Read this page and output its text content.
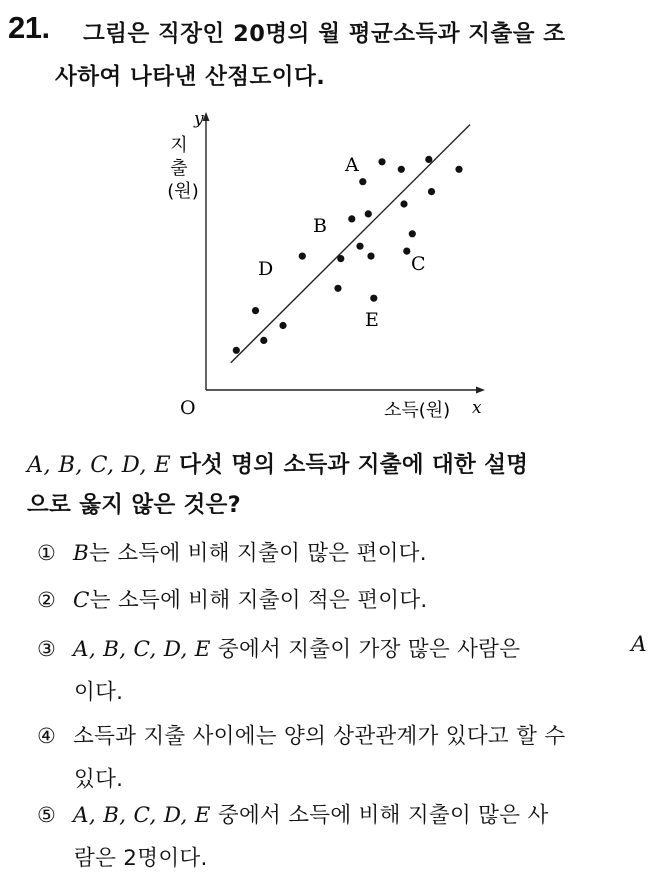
21. 그림은 직장인 20명의 월 평균소득과 지출을 조
사하여 나타낸 산점도이다.
y
지
출
(원)
O	소득(원) x
A
B
C
D
E
A, B, C, D, E 다섯 명의 소득과 지출에 대한 설명
으로 옳지 않은 것은?
① B는 소득에 비해 지출이 많은 편이다.
② C는 소득에 비해 지출이 적은 편이다.
③ A, B, C, D, E 중에서 지출이 가장 많은 사람은	A
이다.
④ 소득과 지출 사이에는 양의 상관관계가 있다고 할 수
있다.
⑤ A, B, C, D, E 중에서 소득에 비해 지출이 많은 사
람은 2명이다.
